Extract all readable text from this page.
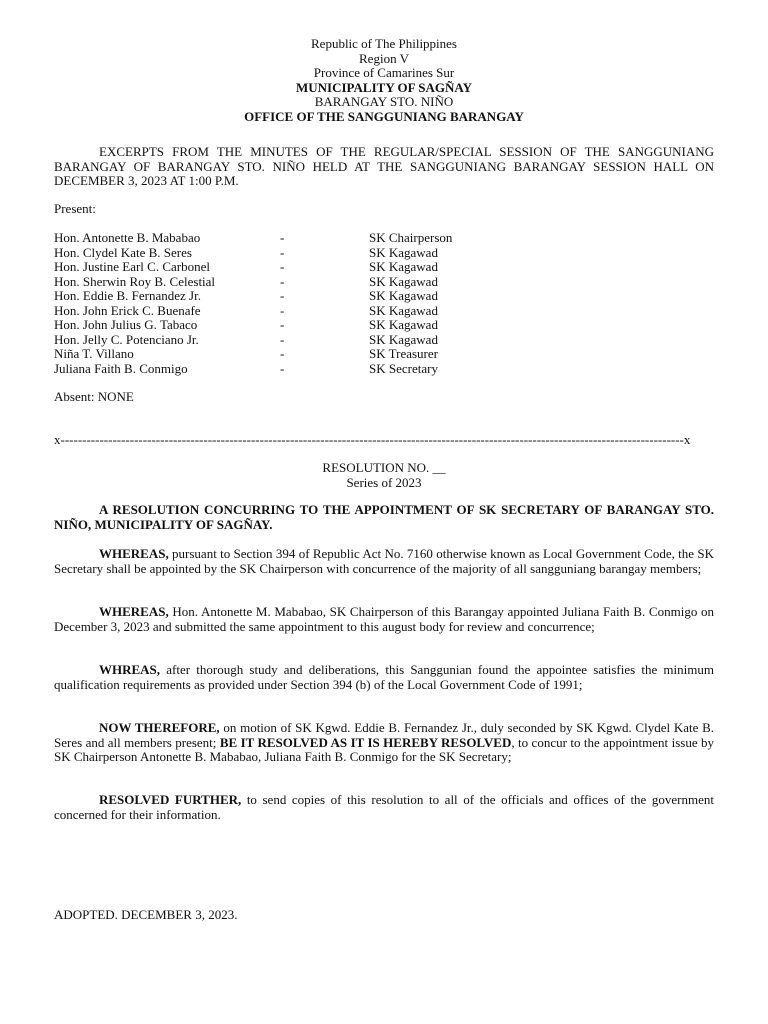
Republic of The Philippines
Region V
Province of Camarines Sur
MUNICIPALITY OF SAGÑAY
BARANGAY STO. NIÑO
OFFICE OF THE SANGGUNIANG BARANGAY

EXCERPTS FROM THE MINUTES OF THE REGULAR/SPECIAL SESSION OF THE SANGGUNIANG BARANGAY OF BARANGAY STO. NIÑO HELD AT THE SANGGUNIANG BARANGAY SESSION HALL ON DECEMBER 3, 2023 AT 1:00 P.M.

Present:
Hon. Antonette B. Mababao	-	SK Chairperson
Hon. Clydel Kate B. Seres	-	SK Kagawad
Hon. Justine Earl C. Carbonel	-	SK Kagawad
Hon. Sherwin Roy B. Celestial	-	SK Kagawad
Hon. Eddie B. Fernandez Jr.	-	SK Kagawad
Hon. John Erick C. Buenafe	-	SK Kagawad
Hon. John Julius G. Tabaco	-	SK Kagawad
Hon. Jelly C. Potenciano Jr.	-	SK Kagawad
Niña T. Villano	-	SK Treasurer
Juliana Faith B. Conmigo	-	SK Secretary
Absent: NONE
x------------------------------------------------------------------------------------------------------------------------------------------------x
RESOLUTION NO. __
Series of 2023

A RESOLUTION CONCURRING TO THE APPOINTMENT OF SK SECRETARY OF BARANGAY STO. NIÑO, MUNICIPALITY OF SAGÑAY.

WHEREAS, pursuant to Section 394 of Republic Act No. 7160 otherwise known as Local Government Code, the SK Secretary shall be appointed by the SK Chairperson with concurrence of the majority of all sangguniang barangay members;

WHEREAS, Hon. Antonette M. Mababao, SK Chairperson of this Barangay appointed Juliana Faith B. Conmigo on December 3, 2023 and submitted the same appointment to this august body for review and concurrence;

WHREAS, after thorough study and deliberations, this Sanggunian found the appointee satisfies the minimum qualification requirements as provided under Section 394 (b) of the Local Government Code of 1991;

NOW THEREFORE, on motion of SK Kgwd. Eddie B. Fernandez Jr., duly seconded by SK Kgwd. Clydel Kate B. Seres and all members present; BE IT RESOLVED AS IT IS HEREBY RESOLVED, to concur to the appointment issue by SK Chairperson Antonette B. Mababao, Juliana Faith B. Conmigo for the SK Secretary;

RESOLVED FURTHER, to send copies of this resolution to all of the officials and offices of the government concerned for their information.

ADOPTED. DECEMBER 3, 2023.
